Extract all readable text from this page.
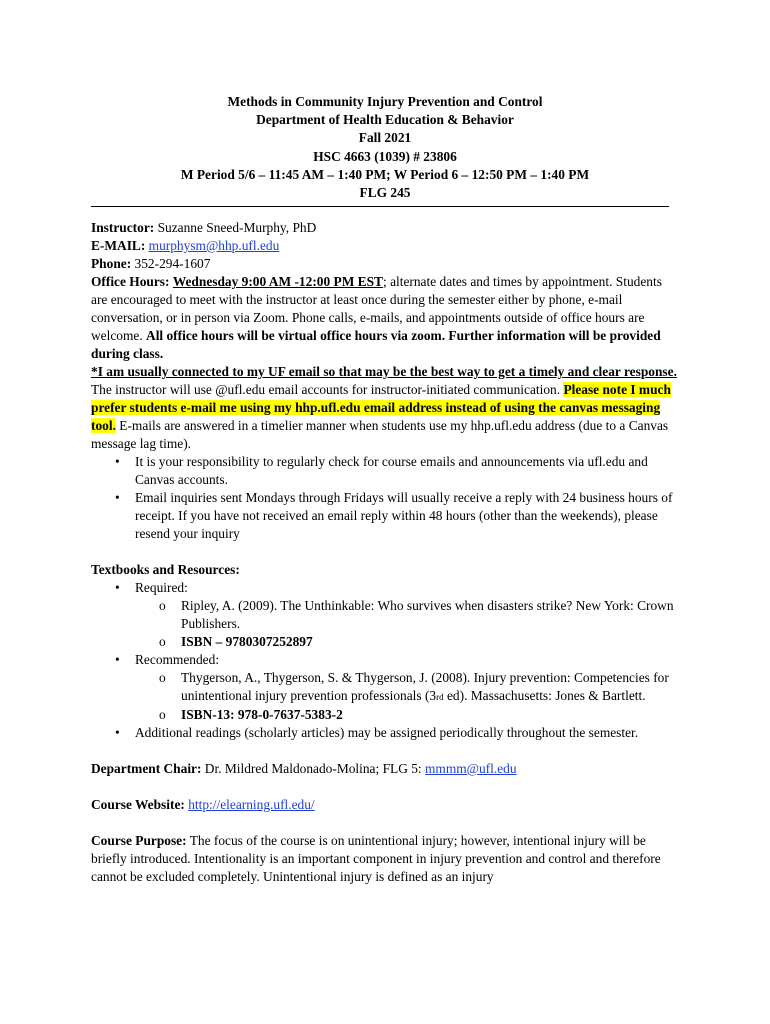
Methods in Community Injury Prevention and Control
Department of Health Education & Behavior
Fall 2021
HSC 4663 (1039) # 23806
M Period 5/6 – 11:45 AM – 1:40 PM; W Period 6 – 12:50 PM – 1:40 PM
FLG 245

Instructor: Suzanne Sneed-Murphy, PhD

E-MAIL: murphysm@hhp.ufl.edu

Phone: 352-294-1607

Office Hours: Wednesday 9:00 AM -12:00 PM EST; alternate dates and times by appointment. Students are encouraged to meet with the instructor at least once during the semester either by phone, e-mail conversation, or in person via Zoom. Phone calls, e-mails, and appointments outside of office hours are welcome. All office hours will be virtual office hours via zoom. Further information will be provided during class.

*I am usually connected to my UF email so that may be the best way to get a timely and clear response. The instructor will use @ufl.edu email accounts for instructor-initiated communication. Please note I much prefer students e-mail me using my hhp.ufl.edu email address instead of using the canvas messaging tool. E-mails are answered in a timelier manner when students use my hhp.ufl.edu address (due to a Canvas message lag time).

• It is your responsibility to regularly check for course emails and announcements via ufl.edu and Canvas accounts.
• Email inquiries sent Mondays through Fridays will usually receive a reply with 24 business hours of receipt. If you have not received an email reply within 48 hours (other than the weekends), please resend your inquiry

Textbooks and Resources:

• Required:
o Ripley, A. (2009). The Unthinkable: Who survives when disasters strike? New York: Crown Publishers.
o ISBN – 9780307252897
• Recommended:
o Thygerson, A., Thygerson, S. & Thygerson, J. (2008). Injury prevention: Competencies for unintentional injury prevention professionals (3rd ed). Massachusetts: Jones & Bartlett.
o ISBN-13: 978-0-7637-5383-2
• Additional readings (scholarly articles) may be assigned periodically throughout the semester.

Department Chair: Dr. Mildred Maldonado-Molina; FLG 5: mmmm@ufl.edu

Course Website: http://elearning.ufl.edu/

Course Purpose: The focus of the course is on unintentional injury; however, intentional injury will be briefly introduced. Intentionality is an important component in injury prevention and control and therefore cannot be excluded completely. Unintentional injury is defined as an injury
